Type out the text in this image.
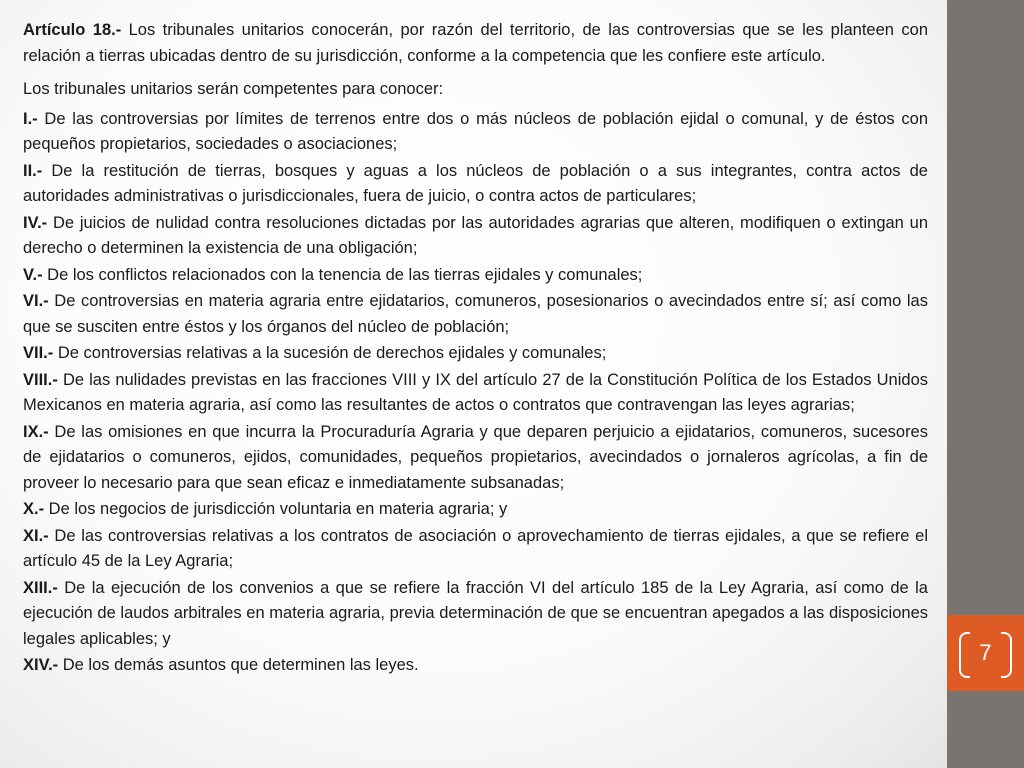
7

Artículo 18.- Los tribunales unitarios conocerán, por razón del territorio, de las controversias que se les planteen con relación a tierras ubicadas dentro de su jurisdicción, conforme a la competencia que les confiere este artículo.

Los tribunales unitarios serán competentes para conocer:

I.- De las controversias por límites de terrenos entre dos o más núcleos de población ejidal o comunal, y de éstos con pequeños propietarios, sociedades o asociaciones;

II.- De la restitución de tierras, bosques y aguas a los núcleos de población o a sus integrantes, contra actos de autoridades administrativas o jurisdiccionales, fuera de juicio, o contra actos de particulares;

IV.- De juicios de nulidad contra resoluciones dictadas por las autoridades agrarias que alteren, modifiquen o extingan un derecho o determinen la existencia de una obligación;

V.- De los conflictos relacionados con la tenencia de las tierras ejidales y comunales;

VI.- De controversias en materia agraria entre ejidatarios, comuneros, posesionarios o avecindados entre sí; así como las que se susciten entre éstos y los órganos del núcleo de población;

VII.- De controversias relativas a la sucesión de derechos ejidales y comunales;

VIII.- De las nulidades previstas en las fracciones VIII y IX del artículo 27 de la Constitución Política de los Estados Unidos Mexicanos en materia agraria, así como las resultantes de actos o contratos que contravengan las leyes agrarias;

IX.- De las omisiones en que incurra la Procuraduría Agraria y que deparen perjuicio a ejidatarios, comuneros, sucesores de ejidatarios o comuneros, ejidos, comunidades, pequeños propietarios, avecindados o jornaleros agrícolas, a fin de proveer lo necesario para que sean eficaz e inmediatamente subsanadas;

X.- De los negocios de jurisdicción voluntaria en materia agraria; y

XI.- De las controversias relativas a los contratos de asociación o aprovechamiento de tierras ejidales, a que se refiere el artículo 45 de la Ley Agraria;

XIII.- De la ejecución de los convenios a que se refiere la fracción VI del artículo 185 de la Ley Agraria, así como de la ejecución de laudos arbitrales en materia agraria, previa determinación de que se encuentran apegados a las disposiciones legales aplicables; y

XIV.- De los demás asuntos que determinen las leyes.
